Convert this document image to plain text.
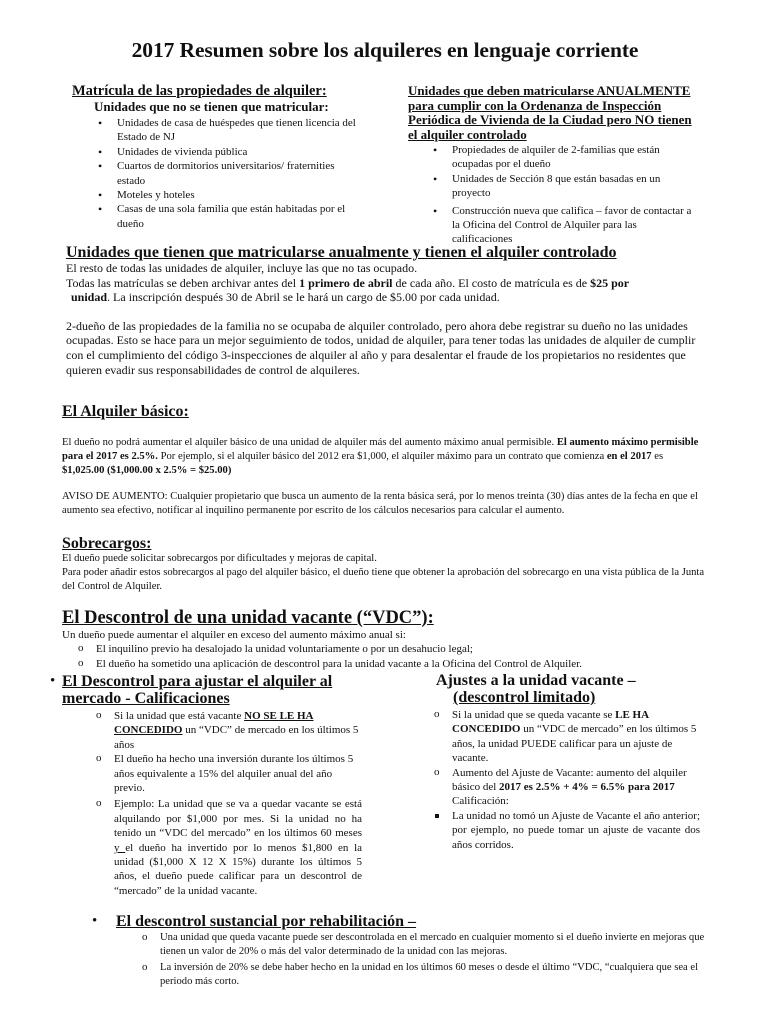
2017 Resumen sobre los alquileres en lenguaje corriente
Matrícula de las propiedades de alquiler:
Unidades que no se tienen que matricular:
• Unidades de casa de huéspedes que tienen licencia del Estado de NJ
• Unidades de vivienda pública
• Cuartos de dormitorios universitarios/ fraternities estado
• Moteles y hoteles
• Casas de una sola familia que están habitadas por el dueño
Unidades que deben matricularse ANUALMENTE para cumplir con la Ordenanza de Inspección Periódica de Vivienda de la Ciudad pero NO tienen el alquiler controlado
• Propiedades de alquiler de 2-familias que están ocupadas por el dueño
• Unidades de Sección 8 que están basadas en un proyecto
• Construcción nueva que califica – favor de contactar a la Oficina del Control de Alquiler para las calificaciones
Unidades que tienen que matricularse anualmente y tienen el alquiler controlado
El resto de todas las unidades de alquiler, incluye las que no tas ocupado.
Todas las matrículas se deben archivar antes del 1 primero de abril de cada año. El costo de matrícula es de $25 por
unidad. La inscripción después 30 de Abril se le hará un cargo de $5.00 por cada unidad.
2-dueño de las propiedades de la familia no se ocupaba de alquiler controlado, pero ahora debe registrar su dueño no las unidades ocupadas. Esto se hace para un mejor seguimiento de todos, unidad de alquiler, para tener todas las unidades de alquiler de cumplir con el cumplimiento del código 3-inspecciones de alquiler al año y para desalentar el fraude de los propietarios no residentes que quieren evadir sus responsabilidades de control de alquileres.
El Alquiler básico:
El dueño no podrá aumentar el alquiler básico de una unidad de alquiler más del aumento máximo anual permisible. El aumento máximo permisible para el 2017 es 2.5%. Por ejemplo, si el alquiler básico del 2012 era $1,000, el alquiler máximo para un contrato que comienza en el 2017 es $1,025.00 ($1,000.00 x 2.5% = $25.00)
AVISO DE AUMENTO: Cualquier propietario que busca un aumento de la renta básica será, por lo menos treinta (30) días antes de la fecha en que el aumento sea efectivo, notificar al inquilino permanente por escrito de los cálculos necesarios para calcular el aumento.
Sobrecargos:
El dueño puede solicitar sobrecargos por dificultades y mejoras de capital.
Para poder añadir estos sobrecargos al pago del alquiler básico, el dueño tiene que obtener la aprobación del sobrecargo en una vista pública de la Junta del Control de Alquiler.
El Descontrol de una unidad vacante (“VDC”):
Un dueño puede aumentar el alquiler en exceso del aumento máximo anual si:
o El inquilino previo ha desalojado la unidad voluntariamente o por un desahucio legal;
o El dueño ha sometido una aplicación de descontrol para la unidad vacante a la Oficina del Control de Alquiler.
• El Descontrol para ajustar el alquiler al
mercado - Calificaciones
o Si la unidad que está vacante NO SE LE HA CONCEDIDO un “VDC” de mercado en los últimos 5 años
o El dueño ha hecho una inversión durante los últimos 5 años equivalente a 15% del alquiler anual del año previo.
o Ejemplo: La unidad que se va a quedar vacante se está alquilando por $1,000 por mes. Si la unidad no ha tenido un “VDC del mercado” en los últimos 60 meses y el dueño ha invertido por lo menos $1,800 en la unidad ($1,000 X 12 X 15%) durante los últimos 5 años, el dueño puede calificar para un descontrol de “mercado” de la unidad vacante.
Ajustes a la unidad vacante –
(descontrol limitado)
o Si la unidad que se queda vacante se LE HA CONCEDIDO un “VDC de mercado” en los últimos 5 años, la unidad PUEDE calificar para un ajuste de vacante.
o Aumento del Ajuste de Vacante: aumento del alquiler básico del 2017 es 2.5% + 4% = 6.5% para 2017 Calificación:
La unidad no tomó un Ajuste de Vacante el año anterior; por ejemplo, no puede tomar un ajuste de vacante dos años corridos.
• El descontrol sustancial por rehabilitación –
o Una unidad que queda vacante puede ser descontrolada en el mercado en cualquier momento si el dueño invierte en mejoras que tienen un valor de 20% o más del valor determinado de la unidad con las mejoras.
o La inversión de 20% se debe haber hecho en la unidad en los últimos 60 meses o desde el último “VDC, “cualquiera que sea el periodo más corto.
